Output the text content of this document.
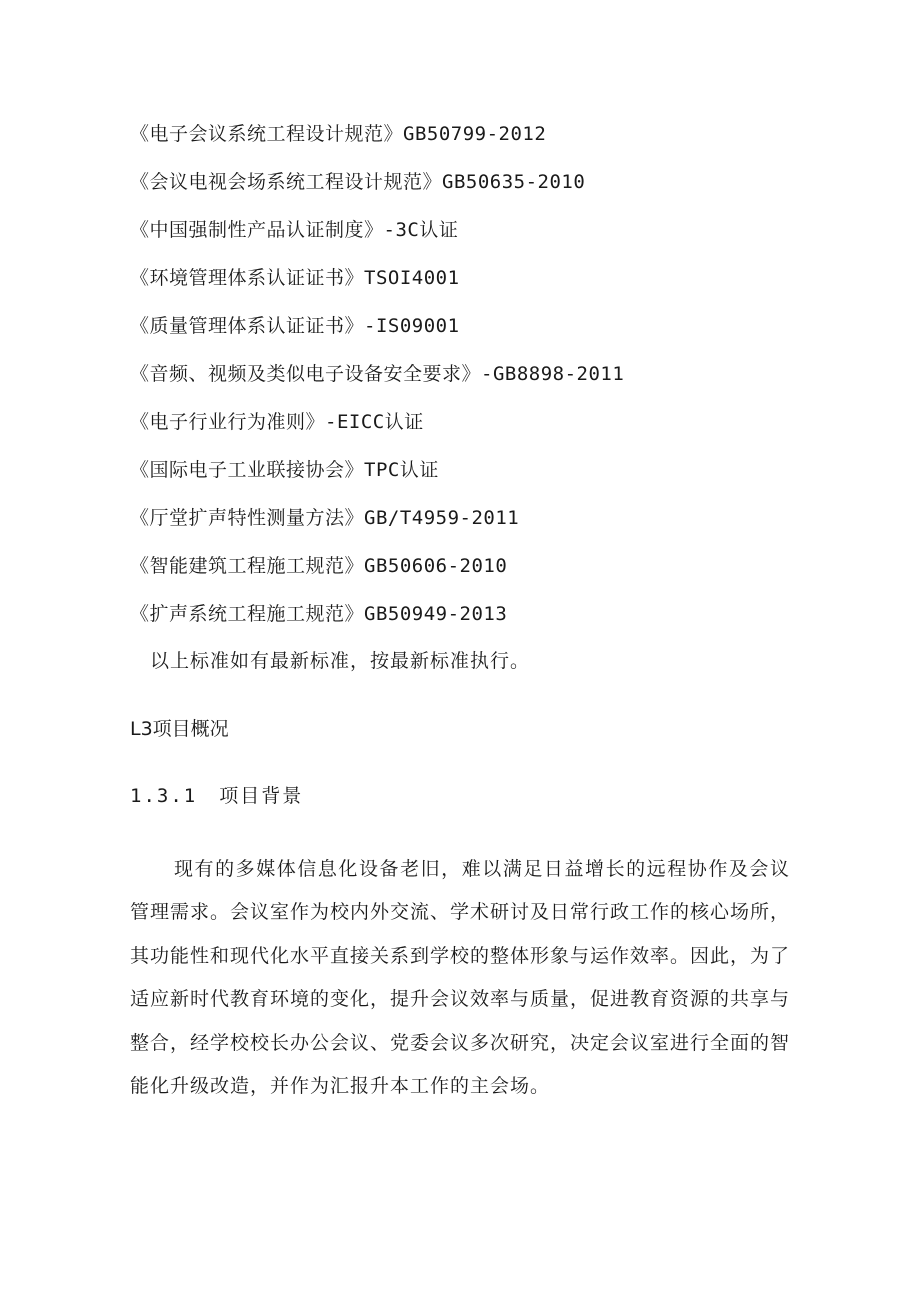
《电子会议系统工程设计规范》GB50799-2012
《会议电视会场系统工程设计规范》GB50635-2010
《中国强制性产品认证制度》-3C认证
《环境管理体系认证证书》TSOI4001
《质量管理体系认证证书》-IS09001
《音频、视频及类似电子设备安全要求》-GB8898-2011
《电子行业行为准则》-EICC认证
《国际电子工业联接协会》TPC认证
《厅堂扩声特性测量方法》GB/T4959-2011
《智能建筑工程施工规范》GB50606-2010
《扩声系统工程施工规范》GB50949-2013

以上标准如有最新标准，按最新标准执行。

L3项目概况
1.3.1 项目背景

现有的多媒体信息化设备老旧，难以满足日益增长的远程协作及会议管理需求。会议室作为校内外交流、学术研讨及日常行政工作的核心场所，其功能性和现代化水平直接关系到学校的整体形象与运作效率。因此，为了适应新时代教育环境的变化，提升会议效率与质量，促进教育资源的共享与整合，经学校校长办公会议、党委会议多次研究，决定会议室进行全面的智能化升级改造，并作为汇报升本工作的主会场。
